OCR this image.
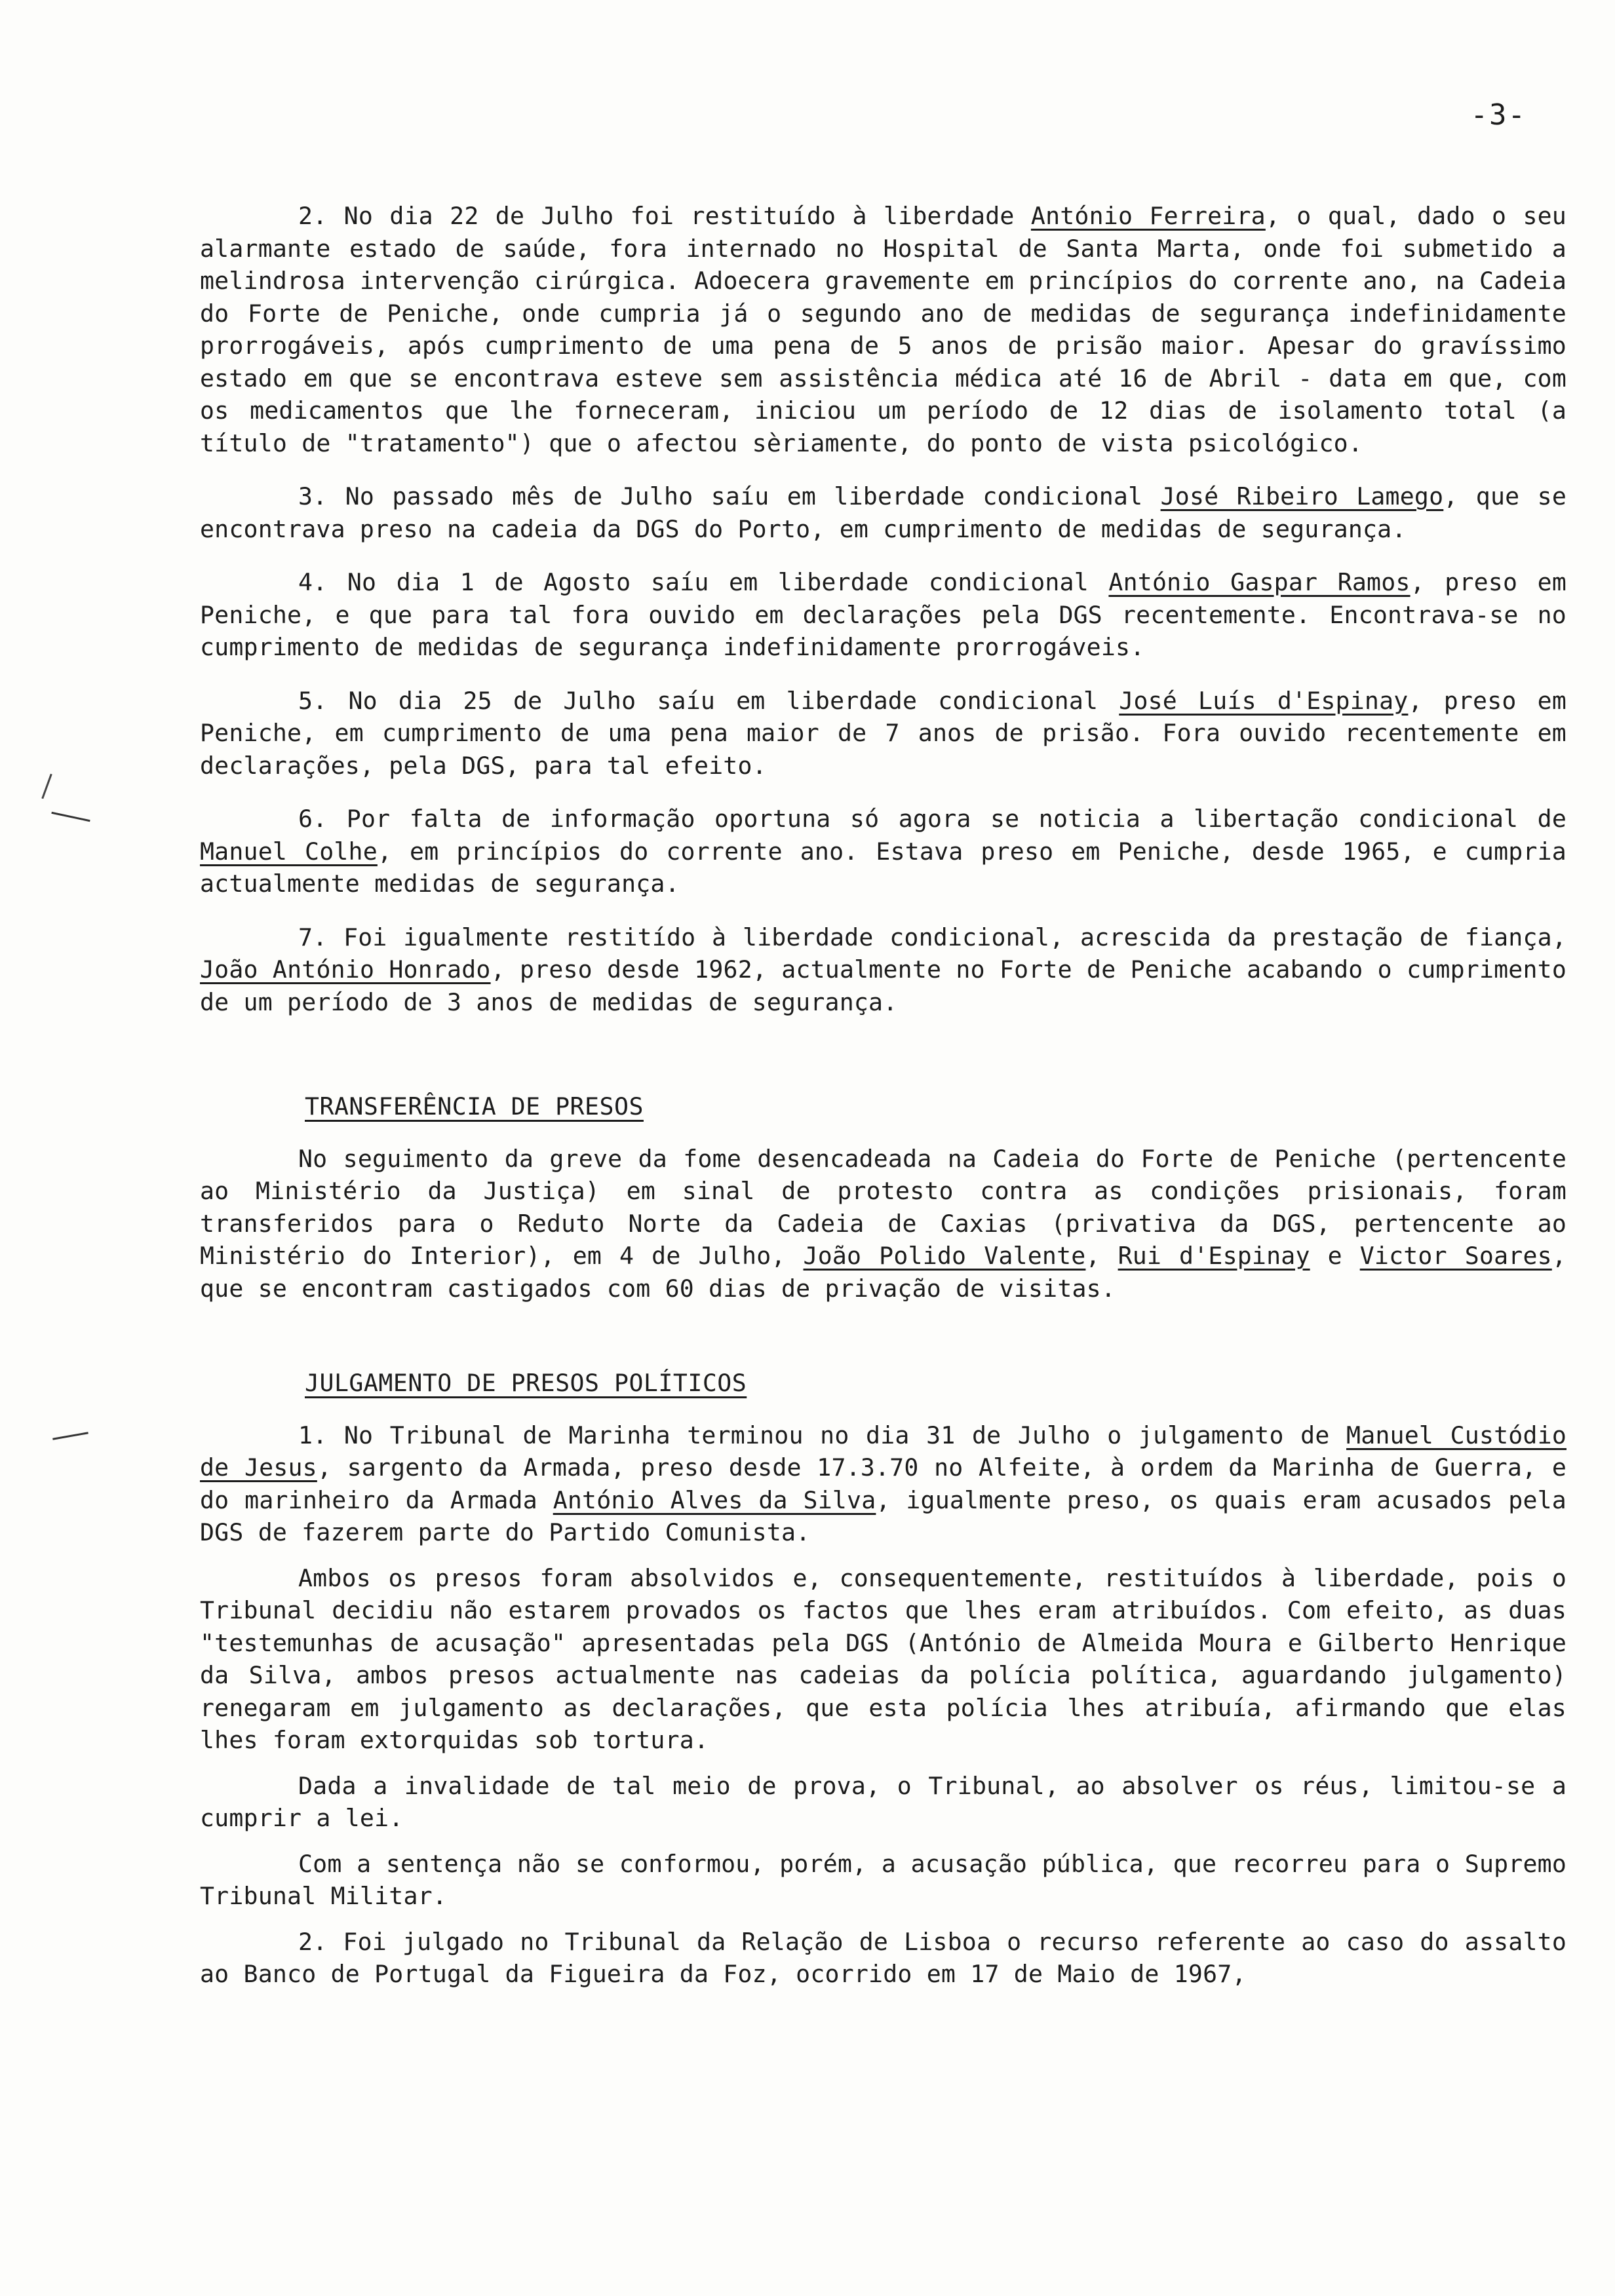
-3-

2. No dia 22 de Julho foi restituído à liberdade António Ferreira, o qual, dado o seu alarmante estado de saúde, fora internado no Hospital de Santa Marta, onde foi submetido a melindrosa intervenção cirúrgica. Adoecera gravemente em princípios do corrente ano, na Cadeia do Forte de Peniche, onde cumpria já o segundo ano de medidas de segurança indefinidamente prorrogáveis, após cumprimento de uma pena de 5 anos de prisão maior. Apesar do gravíssimo estado em que se encontrava esteve sem assistência médica até 16 de Abril - data em que, com os medicamentos que lhe forneceram, iniciou um período de 12 dias de isolamento total (a título de "tratamento") que o afectou sèriamente, do ponto de vista psicológico.

3. No passado mês de Julho saíu em liberdade condicional José Ribeiro Lamego, que se encontrava preso na cadeia da DGS do Porto, em cumprimento de medidas de segurança.

4. No dia 1 de Agosto saíu em liberdade condicional António Gaspar Ramos, preso em Peniche, e que para tal fora ouvido em declarações pela DGS recentemente. Encontrava-se no cumprimento de medidas de segurança indefinidamente prorrogáveis.

5. No dia 25 de Julho saíu em liberdade condicional José Luís d'Espinay, preso em Peniche, em cumprimento de uma pena maior de 7 anos de prisão. Fora ouvido recentemente em declarações, pela DGS, para tal efeito.

6. Por falta de informação oportuna só agora se noticia a libertação condicional de Manuel Colhe, em princípios do corrente ano. Estava preso em Peniche, desde 1965, e cumpria actualmente medidas de segurança.

7. Foi igualmente restitído à liberdade condicional, acrescida da prestação de fiança, João António Honrado, preso desde 1962, actualmente no Forte de Peniche acabando o cumprimento de um período de 3 anos de medidas de segurança.

TRANSFERÊNCIA DE PRESOS

No seguimento da greve da fome desencadeada na Cadeia do Forte de Peniche (pertencente ao Ministério da Justiça) em sinal de protesto contra as condições prisionais, foram transferidos para o Reduto Norte da Cadeia de Caxias (privativa da DGS, pertencente ao Ministério do Interior), em 4 de Julho, João Polido Valente, Rui d'Espinay e Victor Soares, que se encontram castigados com 60 dias de privação de visitas.

JULGAMENTO DE PRESOS POLÍTICOS

1. No Tribunal de Marinha terminou no dia 31 de Julho o julgamento de Manuel Custódio de Jesus, sargento da Armada, preso desde 17.3.70 no Alfeite, à ordem da Marinha de Guerra, e do marinheiro da Armada António Alves da Silva, igualmente preso, os quais eram acusados pela DGS de fazerem parte do Partido Comunista.

Ambos os presos foram absolvidos e, consequentemente, restituídos à liberdade, pois o Tribunal decidiu não estarem provados os factos que lhes eram atribuídos. Com efeito, as duas "testemunhas de acusação" apresentadas pela DGS (António de Almeida Moura e Gilberto Henrique da Silva, ambos presos actualmente nas cadeias da polícia política, aguardando julgamento) renegaram em julgamento as declarações, que esta polícia lhes atribuía, afirmando que elas lhes foram extorquidas sob tortura.

Dada a invalidade de tal meio de prova, o Tribunal, ao absolver os réus, limitou-se a cumprir a lei.

Com a sentença não se conformou, porém, a acusação pública, que recorreu para o Supremo Tribunal Militar.

2. Foi julgado no Tribunal da Relação de Lisboa o recurso referente ao caso do assalto ao Banco de Portugal da Figueira da Foz, ocorrido em 17 de Maio de 1967,
